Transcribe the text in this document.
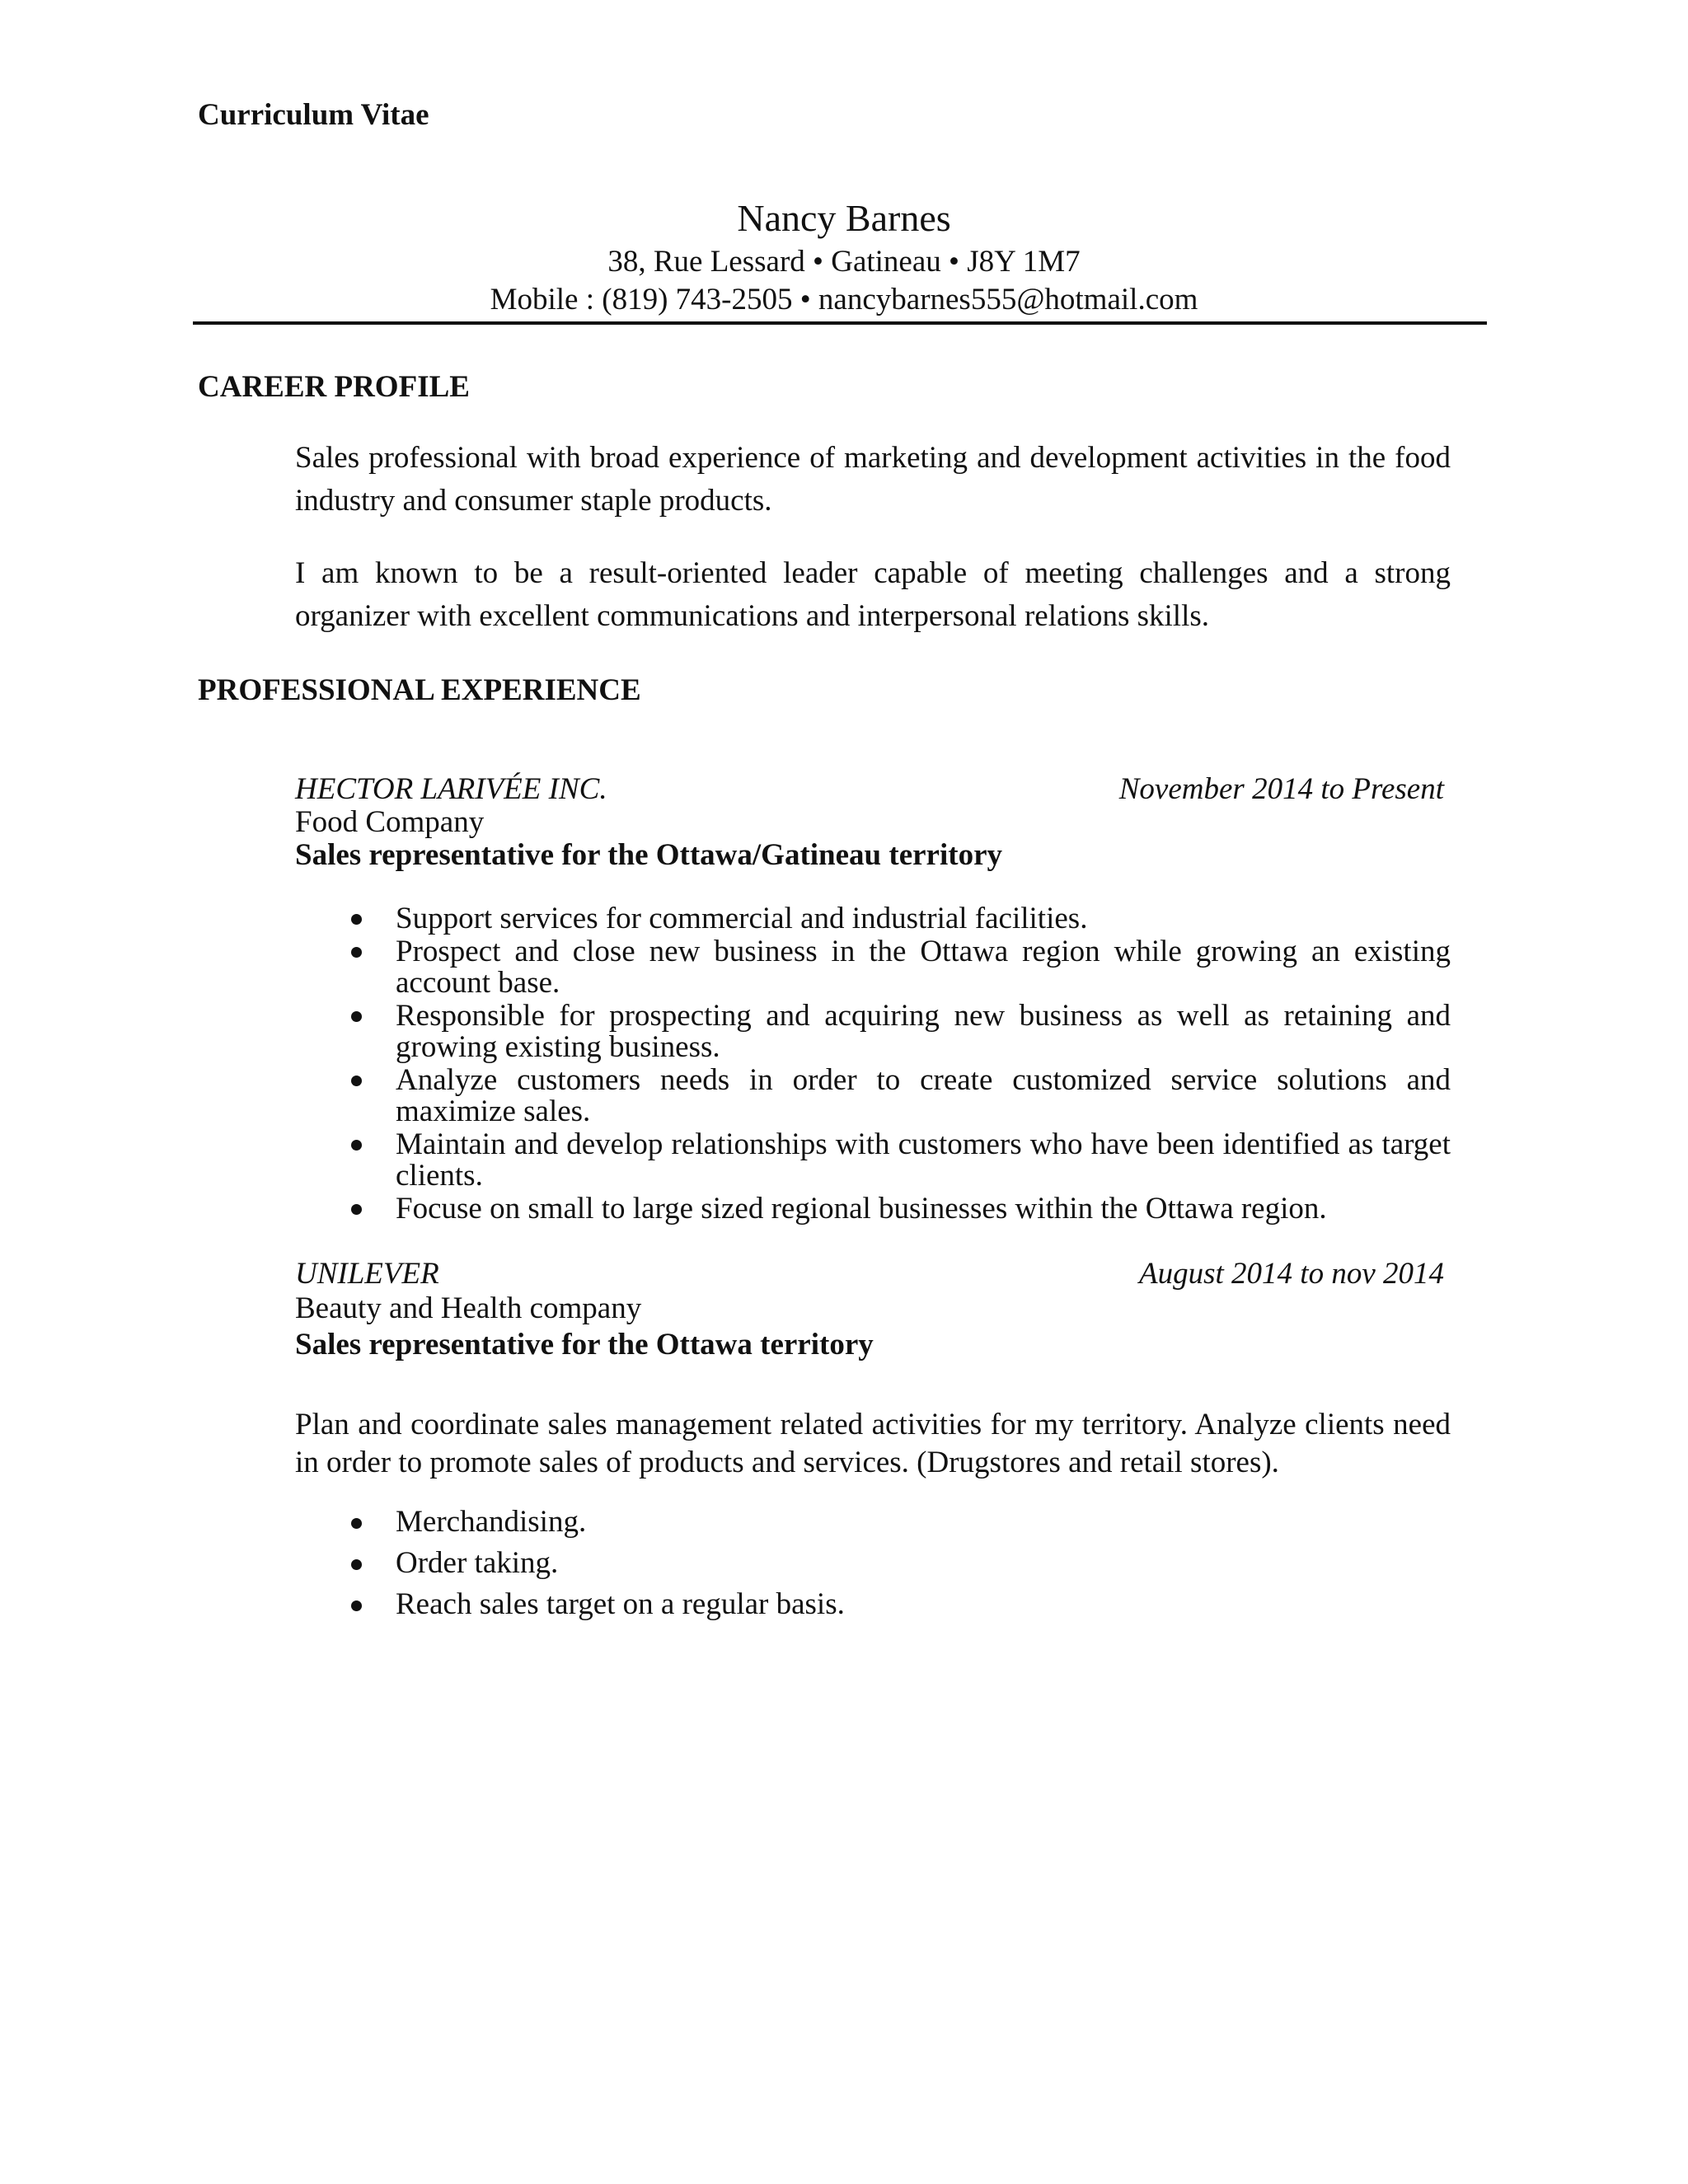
Curriculum Vitae
Nancy Barnes
38, Rue Lessard • Gatineau • J8Y 1M7
Mobile : (819) 743-2505 • nancybarnes555@hotmail.com
CAREER PROFILE
Sales professional with broad experience of marketing and development activities in the food industry and consumer staple products.
I am known to be a result-oriented leader capable of meeting challenges and a strong organizer with excellent communications and interpersonal relations skills.
PROFESSIONAL EXPERIENCE
HECTOR LARIVÉE INC.	November 2014 to Present
Food Company
Sales representative for the Ottawa/Gatineau territory
Support services for commercial and industrial facilities.
Prospect and close new business in the Ottawa region while growing an existing account base.
Responsible for prospecting and acquiring new business as well as retaining and growing existing business.
Analyze customers needs in order to create customized service solutions and maximize sales.
Maintain and develop relationships with customers who have been identified as target clients.
Focuse on small to large sized regional businesses within the Ottawa region.
UNILEVER	August 2014 to nov 2014
Beauty and Health company
Sales representative for the Ottawa territory
Plan and coordinate sales management related activities for my territory. Analyze clients need in order to promote sales of products and services. (Drugstores and retail stores).
Merchandising.
Order taking.
Reach sales target on a regular basis.
